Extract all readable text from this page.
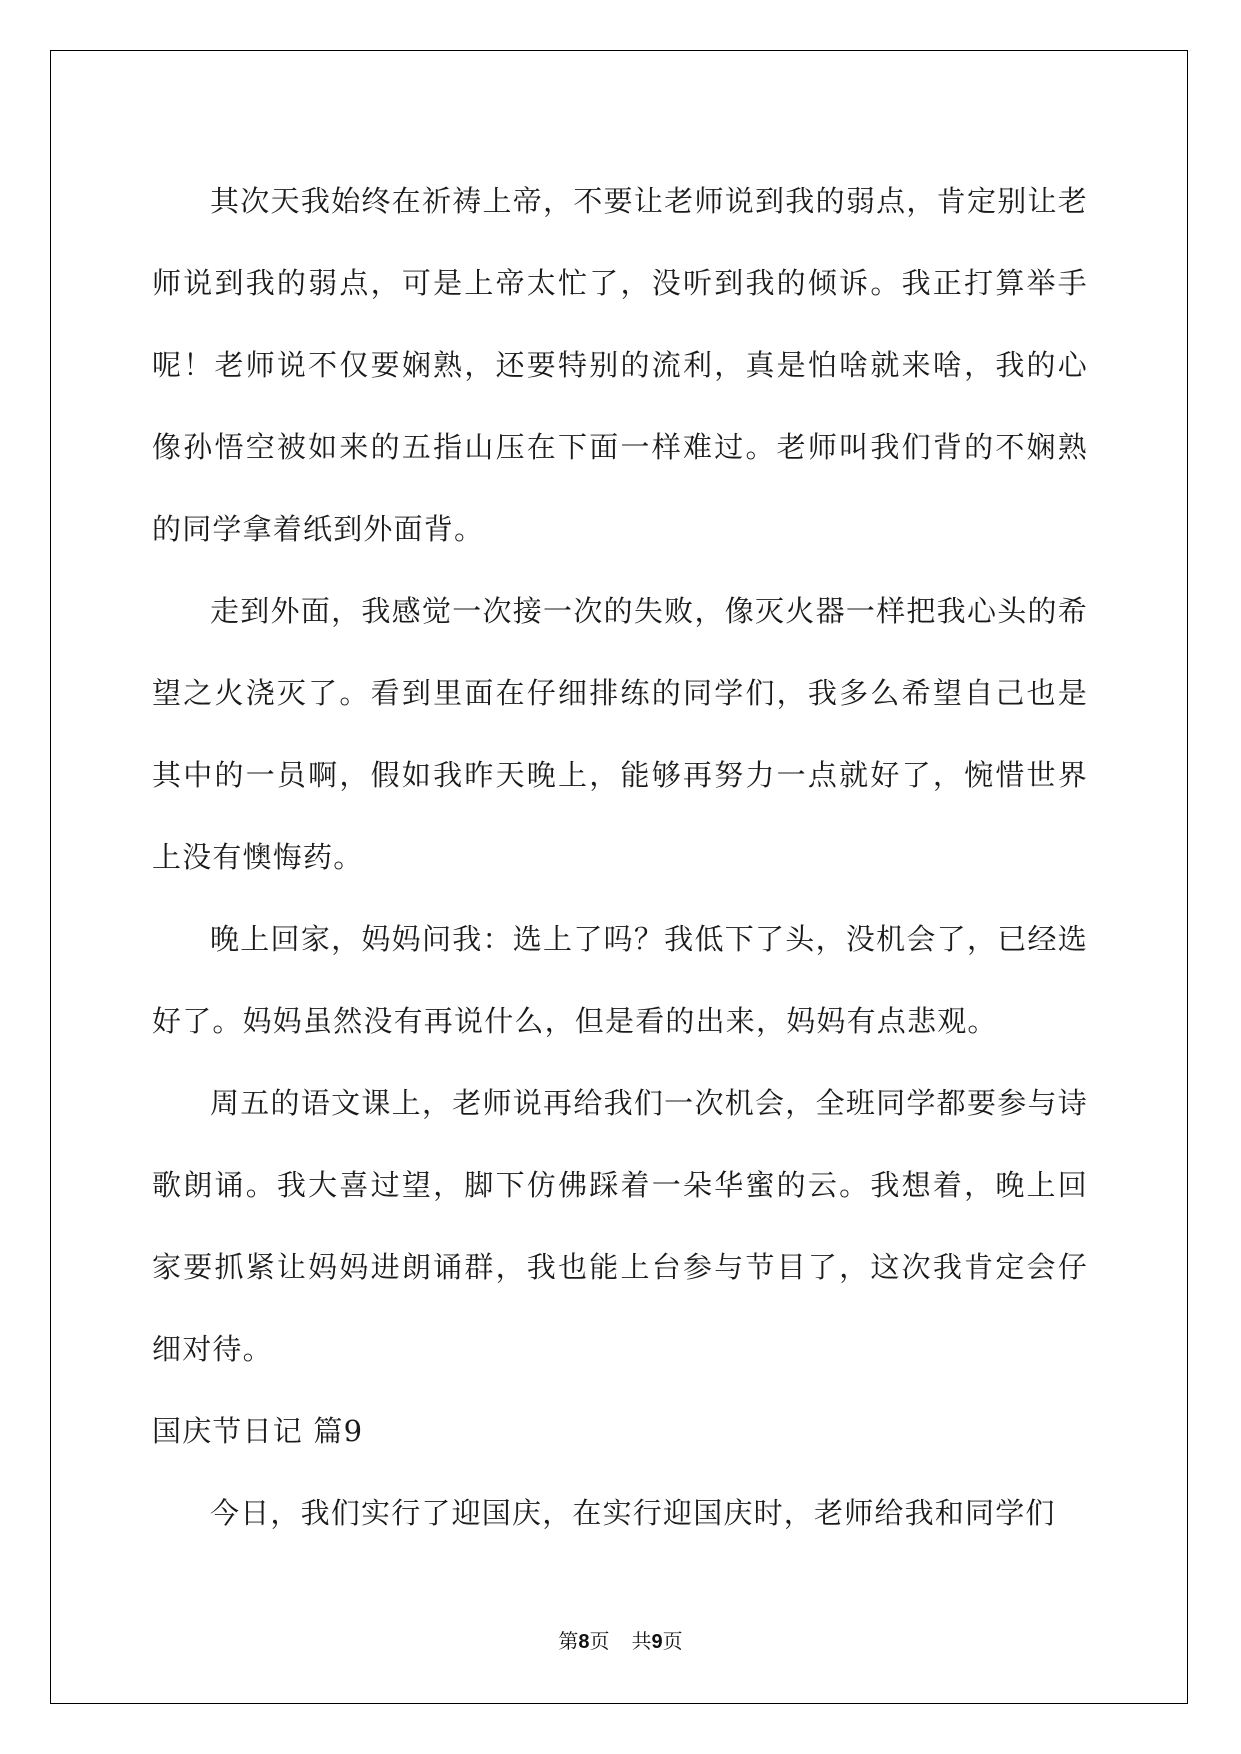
其次天我始终在祈祷上帝，不要让老师说到我的弱点，肯定别让老师说到我的弱点，可是上帝太忙了，没听到我的倾诉。我正打算举手呢！老师说不仅要娴熟，还要特别的流利，真是怕啥就来啥，我的心像孙悟空被如来的五指山压在下面一样难过。老师叫我们背的不娴熟的同学拿着纸到外面背。

走到外面，我感觉一次接一次的失败，像灭火器一样把我心头的希望之火浇灭了。看到里面在仔细排练的同学们，我多么希望自己也是其中的一员啊，假如我昨天晚上，能够再努力一点就好了，惋惜世界上没有懊悔药。

晚上回家，妈妈问我：选上了吗？我低下了头，没机会了，已经选好了。妈妈虽然没有再说什么，但是看的出来，妈妈有点悲观。

周五的语文课上，老师说再给我们一次机会，全班同学都要参与诗歌朗诵。我大喜过望，脚下仿佛踩着一朵华蜜的云。我想着，晚上回家要抓紧让妈妈进朗诵群，我也能上台参与节目了，这次我肯定会仔细对待。

国庆节日记 篇9

今日，我们实行了迎国庆，在实行迎国庆时，老师给我和同学们

第8页 共9页
